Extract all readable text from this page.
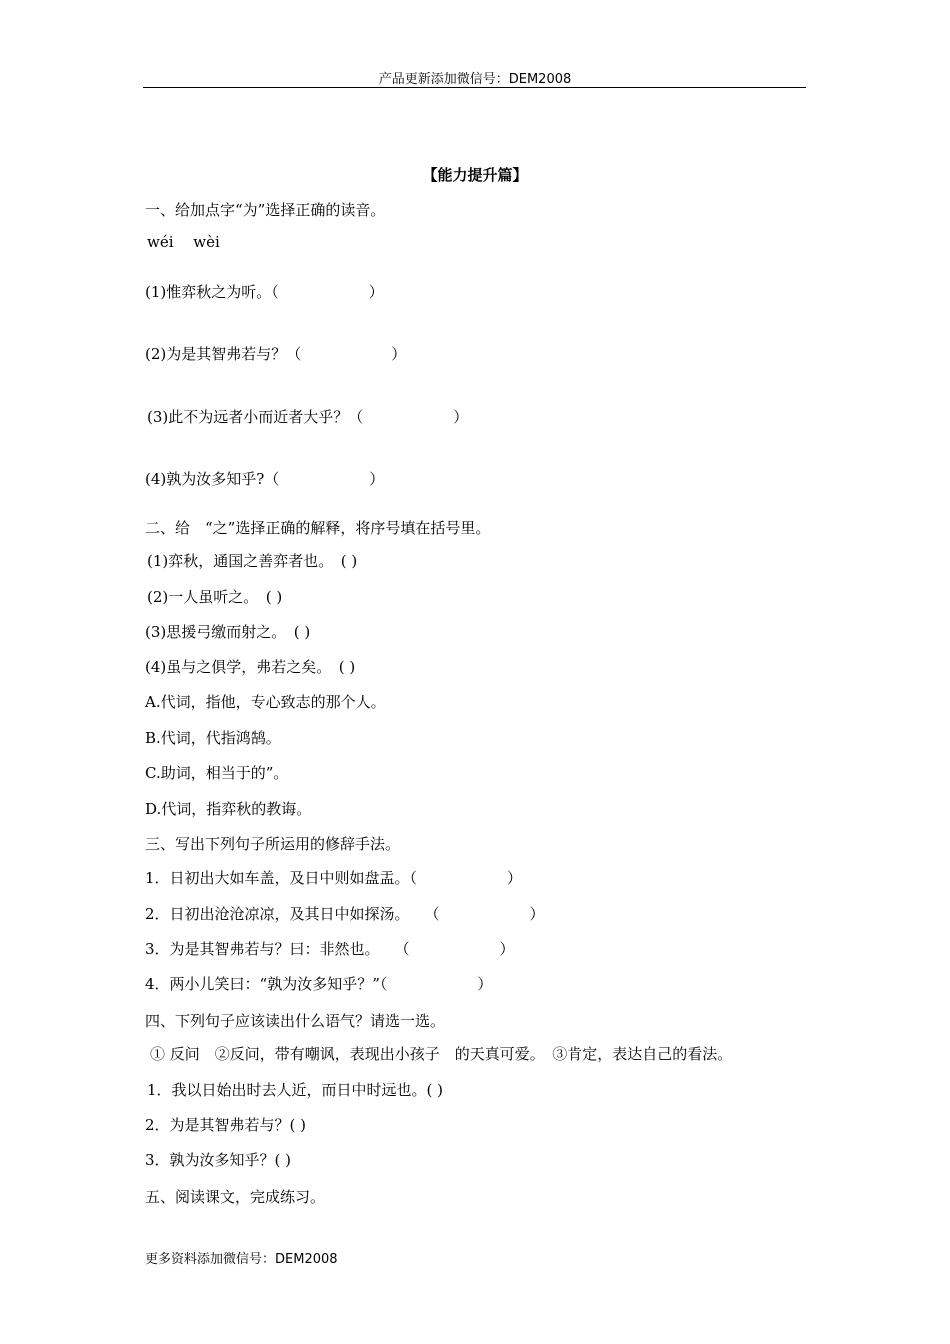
产品更新添加微信号：DEM2008
【能力提升篇】
一、给加点字“为”选择正确的读音。
wéi　 wèi
(1)惟弈秋之为听。（　　　　　　）
(2)为是其智弗若与？（　　　　　　）
(3)此不为远者小而近者大乎？（　　　　　　）
(4)孰为汝多知乎?（　　　　　　）
二、给　“之”选择正确的解释，将序号填在括号里。
(1)弈秋，通国之善弈者也。　( )
(2)一人虽听之。　( )
(3)思援弓缴而射之。　( )
(4)虽与之俱学，弗若之矣。　( )
A.代词，指他，专心致志的那个人。
B.代词，代指鸿鹄。
C.助词，相当于的”。
D.代词，指弈秋的教诲。
三、写出下列句子所运用的修辞手法。
1．日初出大如车盖，及日中则如盘盂。（　　　　　　）
2．日初出沧沧凉凉，及其日中如探汤。　　（　　　　　　）
3．为是其智弗若与？曰：非然也。　　（　　　　　　）
4．两小儿笑曰：“孰为汝多知乎？”（　　　　　　）
四、下列句子应该读出什么语气？请选一选。
① 反问　②反问，带有嘲讽，表现出小孩子　的天真可爱。　③肯定，表达自己的看法。
1．我以日始出时去人近，而日中时远也。( )
2．为是其智弗若与？( )
3．孰为汝多知乎？( )
五、阅读课文，完成练习。
更多资料添加微信号：DEM2008
